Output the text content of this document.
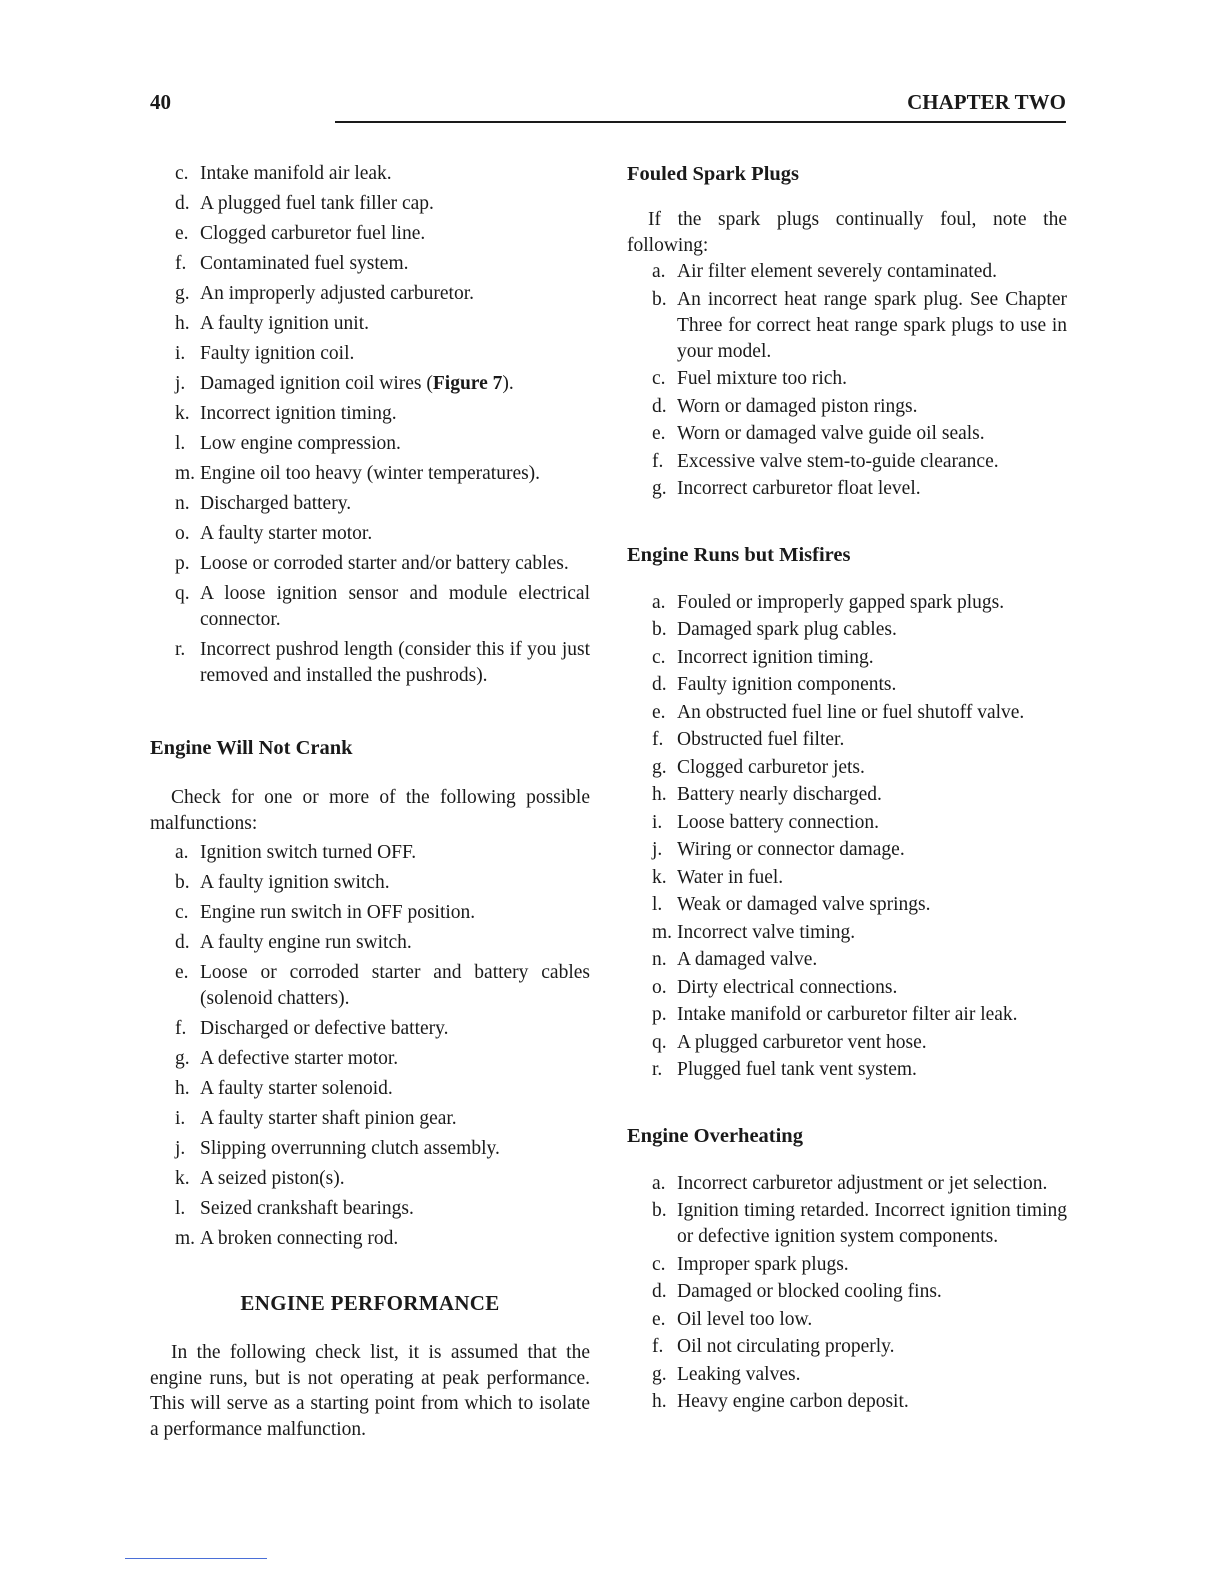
40	CHAPTER TWO
c. Intake manifold air leak.
d. A plugged fuel tank filler cap.
e. Clogged carburetor fuel line.
f. Contaminated fuel system.
g. An improperly adjusted carburetor.
h. A faulty ignition unit.
i. Faulty ignition coil.
j. Damaged ignition coil wires (Figure 7).
k. Incorrect ignition timing.
l. Low engine compression.
m. Engine oil too heavy (winter temperatures).
n. Discharged battery.
o. A faulty starter motor.
p. Loose or corroded starter and/or battery cables.
q. A loose ignition sensor and module electrical connector.
r. Incorrect pushrod length (consider this if you just removed and installed the pushrods).
Engine Will Not Crank

Check for one or more of the following possible malfunctions:

a. Ignition switch turned OFF.
b. A faulty ignition switch.
c. Engine run switch in OFF position.
d. A faulty engine run switch.
e. Loose or corroded starter and battery cables (solenoid chatters).
f. Discharged or defective battery.
g. A defective starter motor.
h. A faulty starter solenoid.
i. A faulty starter shaft pinion gear.
j. Slipping overrunning clutch assembly.
k. A seized piston(s).
l. Seized crankshaft bearings.
m. A broken connecting rod.
ENGINE PERFORMANCE

In the following check list, it is assumed that the engine runs, but is not operating at peak performance. This will serve as a starting point from which to isolate a performance malfunction.

Fouled Spark Plugs

If the spark plugs continually foul, note the following:

a. Air filter element severely contaminated.
b. An incorrect heat range spark plug. See Chapter Three for correct heat range spark plugs to use in your model.
c. Fuel mixture too rich.
d. Worn or damaged piston rings.
e. Worn or damaged valve guide oil seals.
f. Excessive valve stem-to-guide clearance.
g. Incorrect carburetor float level.
Engine Runs but Misfires
a. Fouled or improperly gapped spark plugs.
b. Damaged spark plug cables.
c. Incorrect ignition timing.
d. Faulty ignition components.
e. An obstructed fuel line or fuel shutoff valve.
f. Obstructed fuel filter.
g. Clogged carburetor jets.
h. Battery nearly discharged.
i. Loose battery connection.
j. Wiring or connector damage.
k. Water in fuel.
l. Weak or damaged valve springs.
m. Incorrect valve timing.
n. A damaged valve.
o. Dirty electrical connections.
p. Intake manifold or carburetor filter air leak.
q. A plugged carburetor vent hose.
r. Plugged fuel tank vent system.
Engine Overheating
a. Incorrect carburetor adjustment or jet selection.
b. Ignition timing retarded. Incorrect ignition timing or defective ignition system components.
c. Improper spark plugs.
d. Damaged or blocked cooling fins.
e. Oil level too low.
f. Oil not circulating properly.
g. Leaking valves.
h. Heavy engine carbon deposit.
